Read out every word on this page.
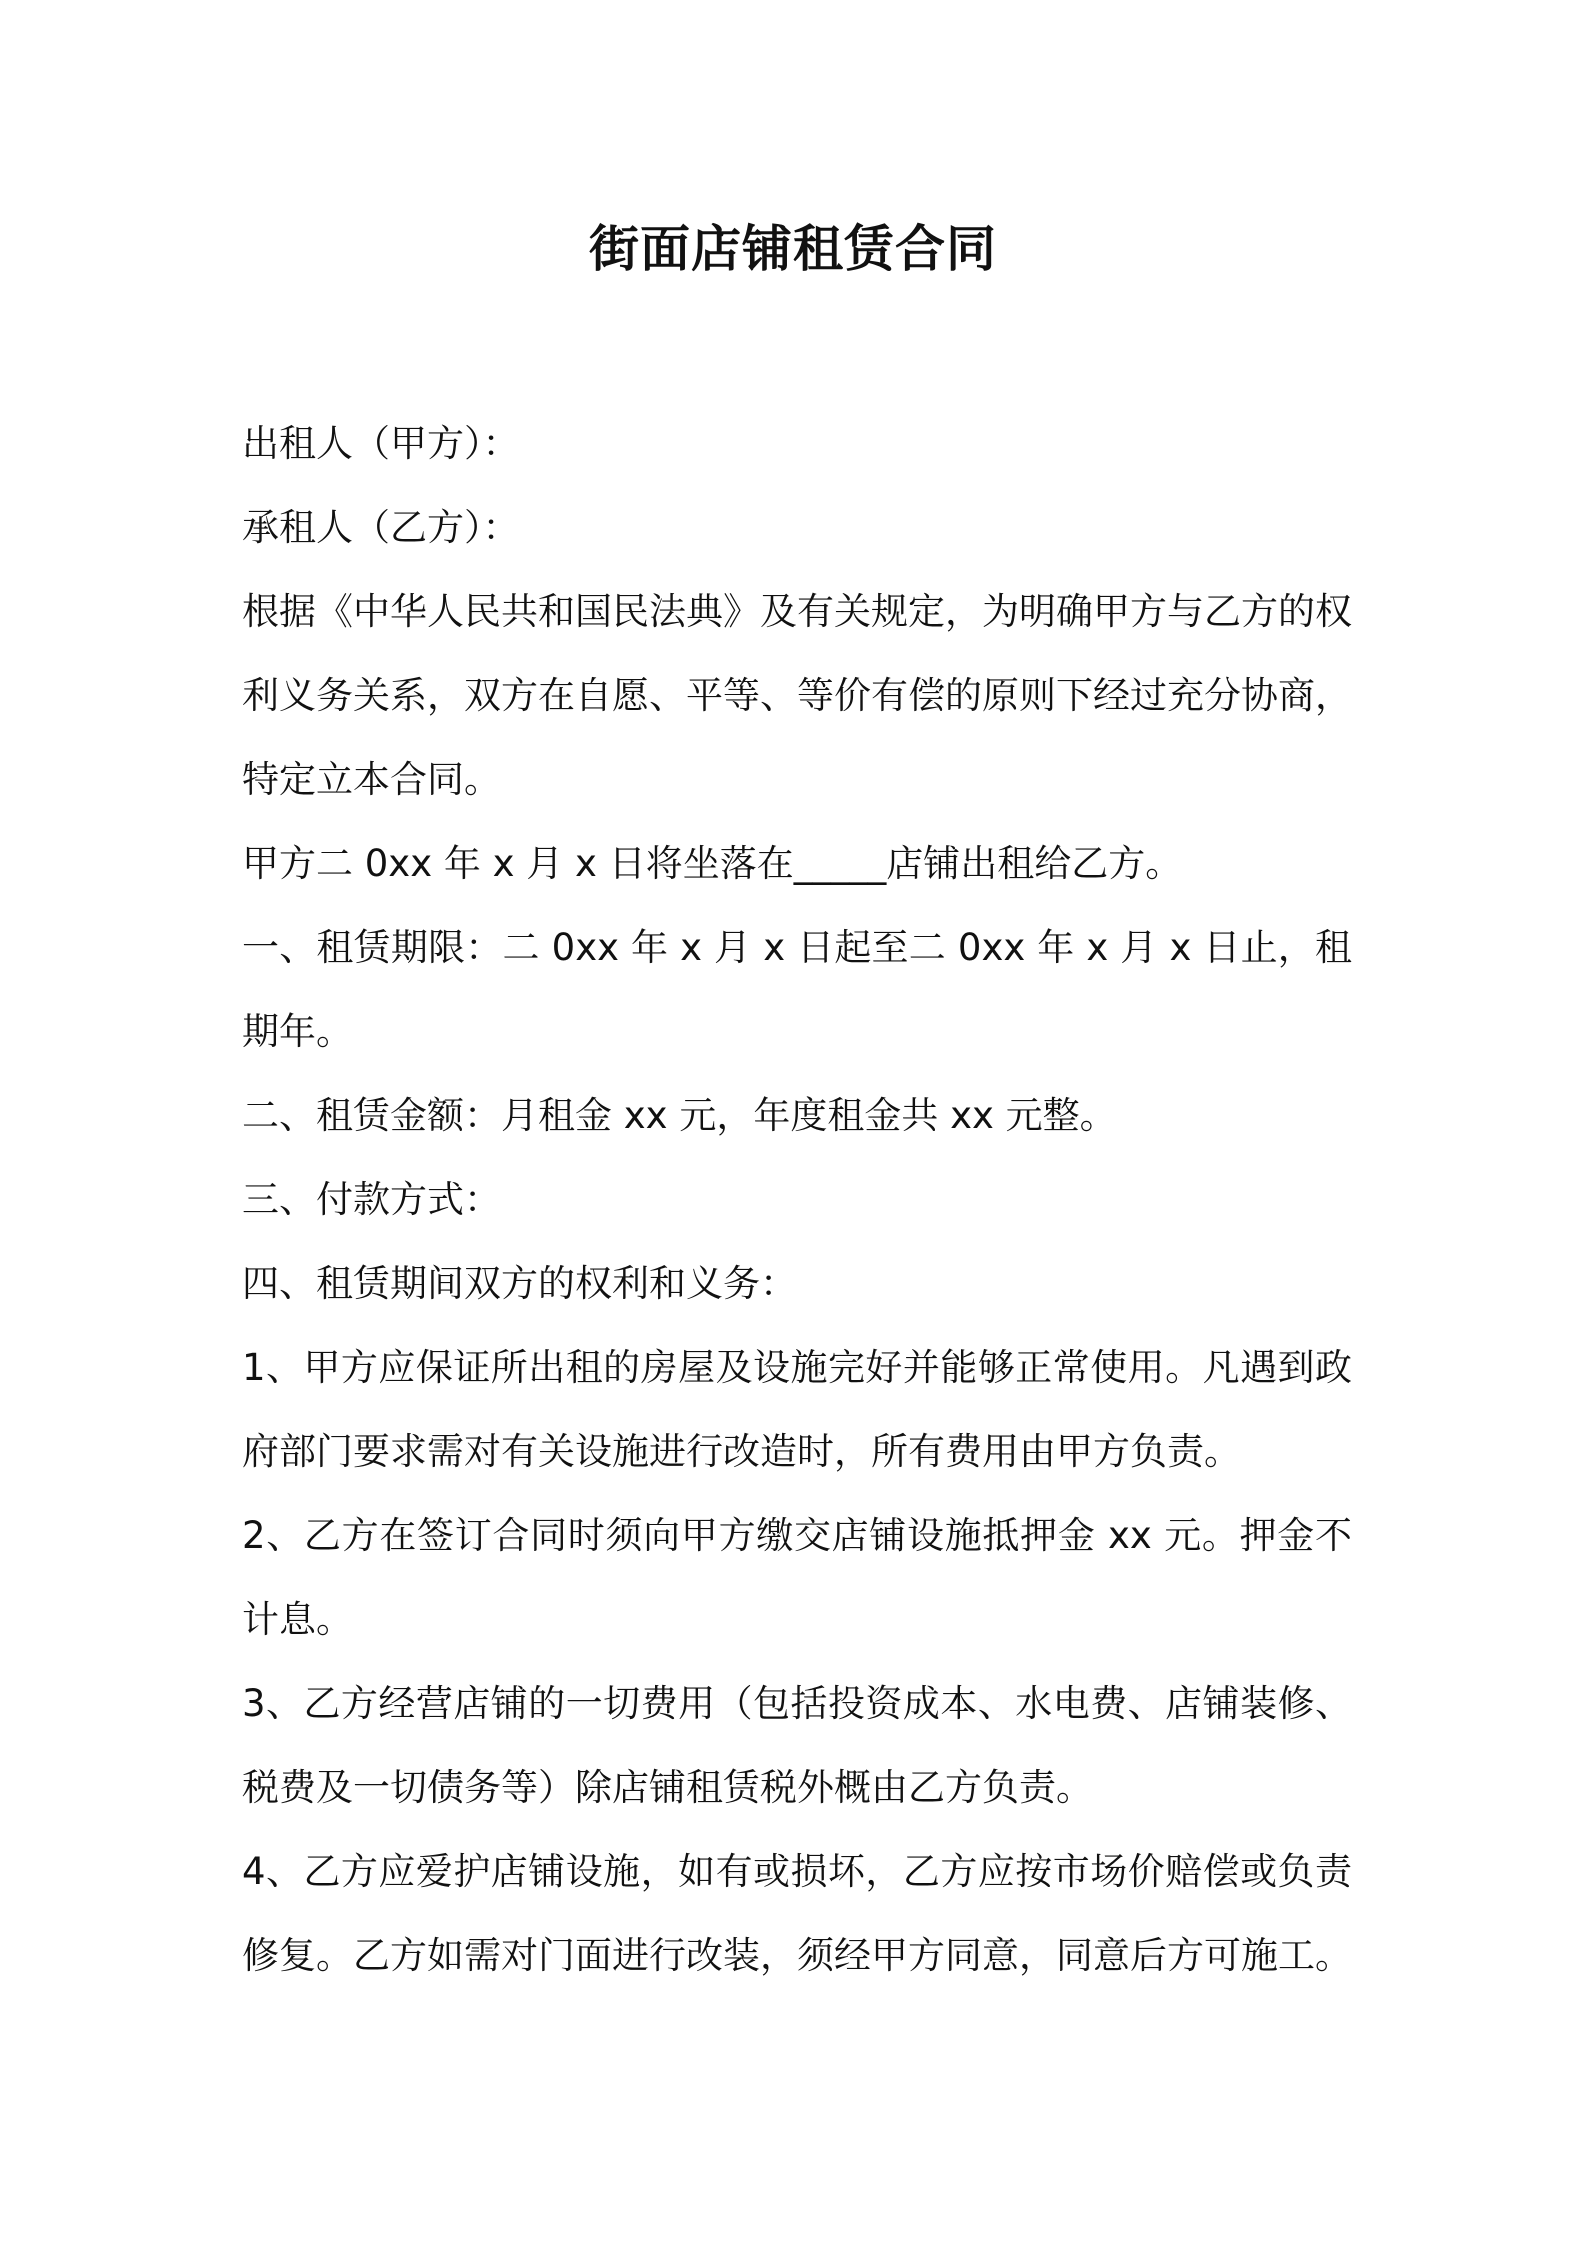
街面店铺租赁合同

出租人（甲方）：

承租人（乙方）：

根据《中华人民共和国民法典》及有关规定，为明确甲方与乙方的权利义务关系，双方在自愿、平等、等价有偿的原则下经过充分协商，特定立本合同。

甲方二 0xx 年 x 月 x 日将坐落在_____店铺出租给乙方。

一、租赁期限：二 0xx 年 x 月 x 日起至二 0xx 年 x 月 x 日止，租期年。

二、租赁金额：月租金 xx 元，年度租金共 xx 元整。

三、付款方式：

四、租赁期间双方的权利和义务：

1、甲方应保证所出租的房屋及设施完好并能够正常使用。凡遇到政府部门要求需对有关设施进行改造时，所有费用由甲方负责。

2、乙方在签订合同时须向甲方缴交店铺设施抵押金 xx 元。押金不计息。

3、乙方经营店铺的一切费用（包括投资成本、水电费、店铺装修、税费及一切债务等）除店铺租赁税外概由乙方负责。

4、乙方应爱护店铺设施，如有或损坏，乙方应按市场价赔偿或负责修复。乙方如需对门面进行改装，须经甲方同意，同意后方可施工。
